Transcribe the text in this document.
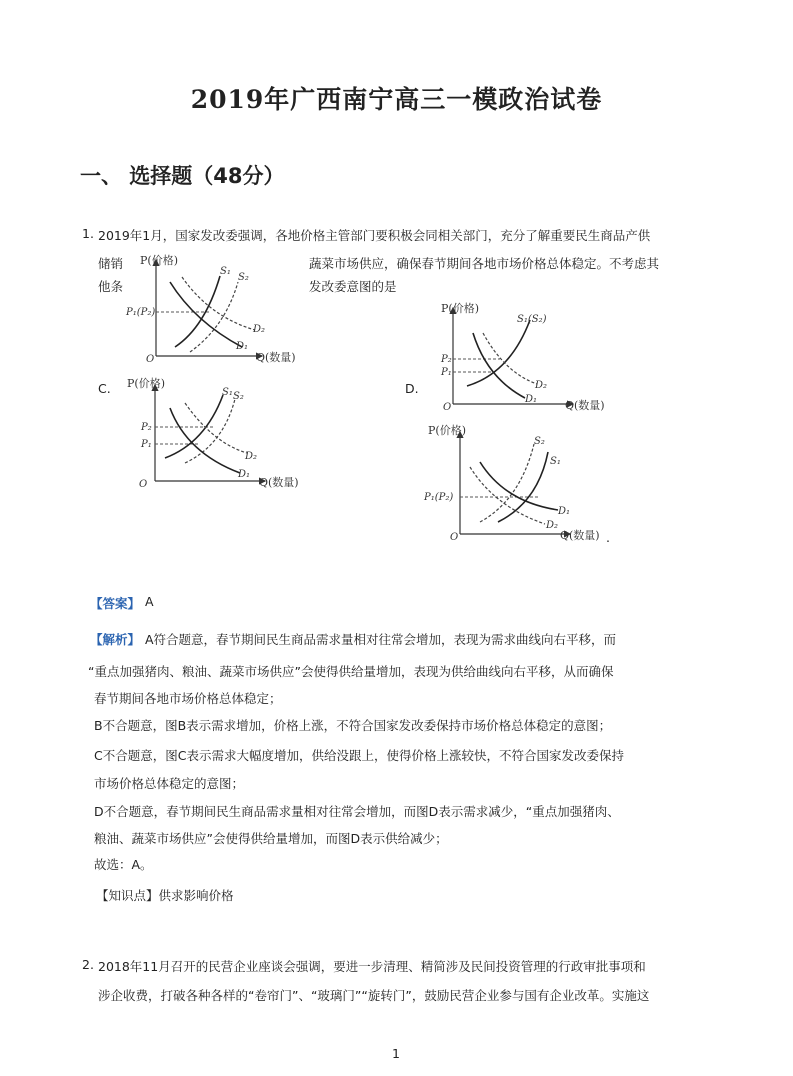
2019年广西南宁高三一模政治试卷
一、 选择题（48分）
1. 2019年1月，国家发改委强调，各地价格主管部门要积极会同相关部门，充分了解重要民生商品产供
储销	蔬菜市场供应，确保春节期间各地市场价格总体稳定。不考虑其
他条	发改委意图的是
C.	D.
.
P(价格)
Q(数量)
O
P₁(P₂)
S₁
S₂
D₁
D₂
P(价格)
Q(数量)
O
P₂
P₁
S₁(S₂)
D₁
D₂
P(价格)
Q(数量)
O
P₂
P₁
S₁ S₂
D₁
D₂
P(价格)
Q(数量)
O
P₁(P₂)
S₂
S₁
D₁
D₂
【答案】 A
【解析】 A符合题意，春节期间民生商品需求量相对往常会增加，表现为需求曲线向右平移，而
“重点加强猪肉、粮油、蔬菜市场供应”会使得供给量增加，表现为供给曲线向右平移，从而确保
春节期间各地市场价格总体稳定；
B不合题意，图B表示需求增加，价格上涨，不符合国家发改委保持市场价格总体稳定的意图；
C不合题意，图C表示需求大幅度增加，供给没跟上，使得价格上涨较快，不符合国家发改委保持
市场价格总体稳定的意图；
D不合题意，春节期间民生商品需求量相对往常会增加，而图D表示需求减少，“重点加强猪肉、
粮油、蔬菜市场供应”会使得供给量增加，而图D表示供给减少；
故选：A。
【知识点】供求影响价格
2. 2018年11月召开的民营企业座谈会强调，要进一步清理、精简涉及民间投资管理的行政审批事项和
涉企收费，打破各种各样的“卷帘门”、“玻璃门”“旋转门”，鼓励民营企业参与国有企业改革。实施这
1
